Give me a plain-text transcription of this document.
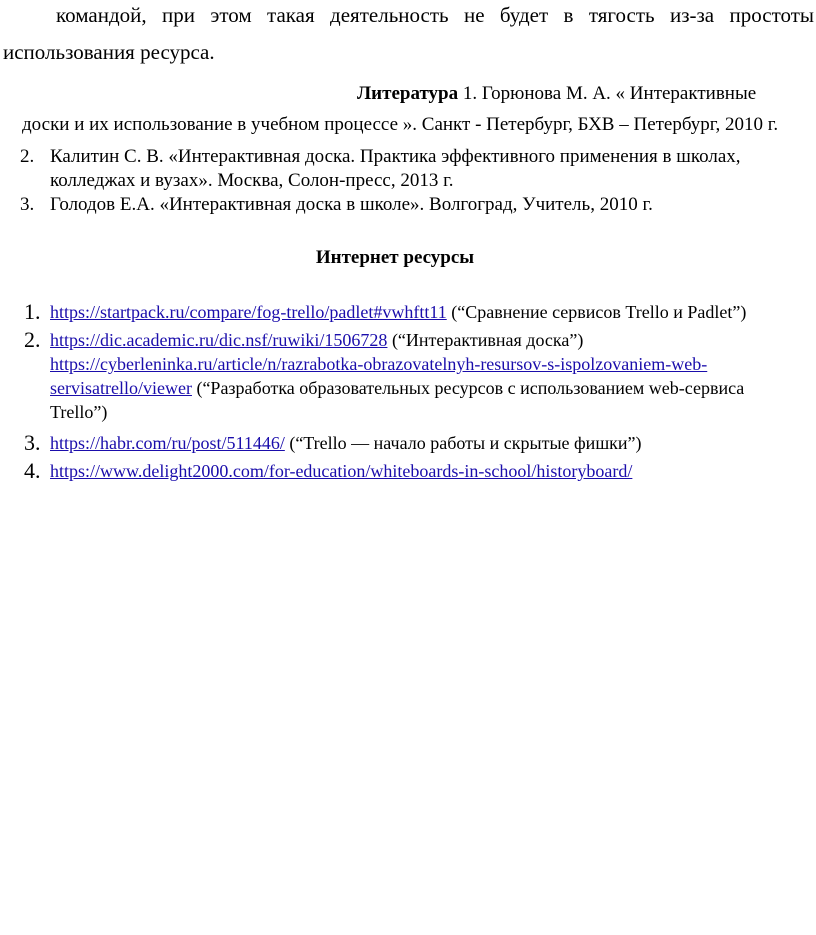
командой, при этом такая деятельность не будет в тягость из-за простоты
использования ресурса.
Литература 1. Горюнова М. А. « Интерактивные
доски и их использование в учебном процессе ». Санкт - Петербург, БХВ – Петербург, 2010 г.
2. Калитин С. В. «Интерактивная доска. Практика эффективного применения в школах,
колледжах и вузах». Москва, Солон-пресс, 2013 г.
3. Голодов Е.А. «Интерактивная доска в школе». Волгоград, Учитель, 2010 г.
Интернет ресурсы
1. https://startpack.ru/compare/fog-trello/padlet#vwhftt11 (“Сравнение сервисов Trello и Padlet”)
2. https://dic.academic.ru/dic.nsf/ruwiki/1506728 (“Интерактивная доска”)
https://cyberleninka.ru/article/n/razrabotka-obrazovatelnyh-resursov-s-ispolzovaniem-web-
servisatrello/viewer (“Разработка образовательных ресурсов с использованием web-сервиса
Trello”)
3. https://habr.com/ru/post/511446/ (“Trello — начало работы и скрытые фишки”)
4. https://www.delight2000.com/for-education/whiteboards-in-school/historyboard/
